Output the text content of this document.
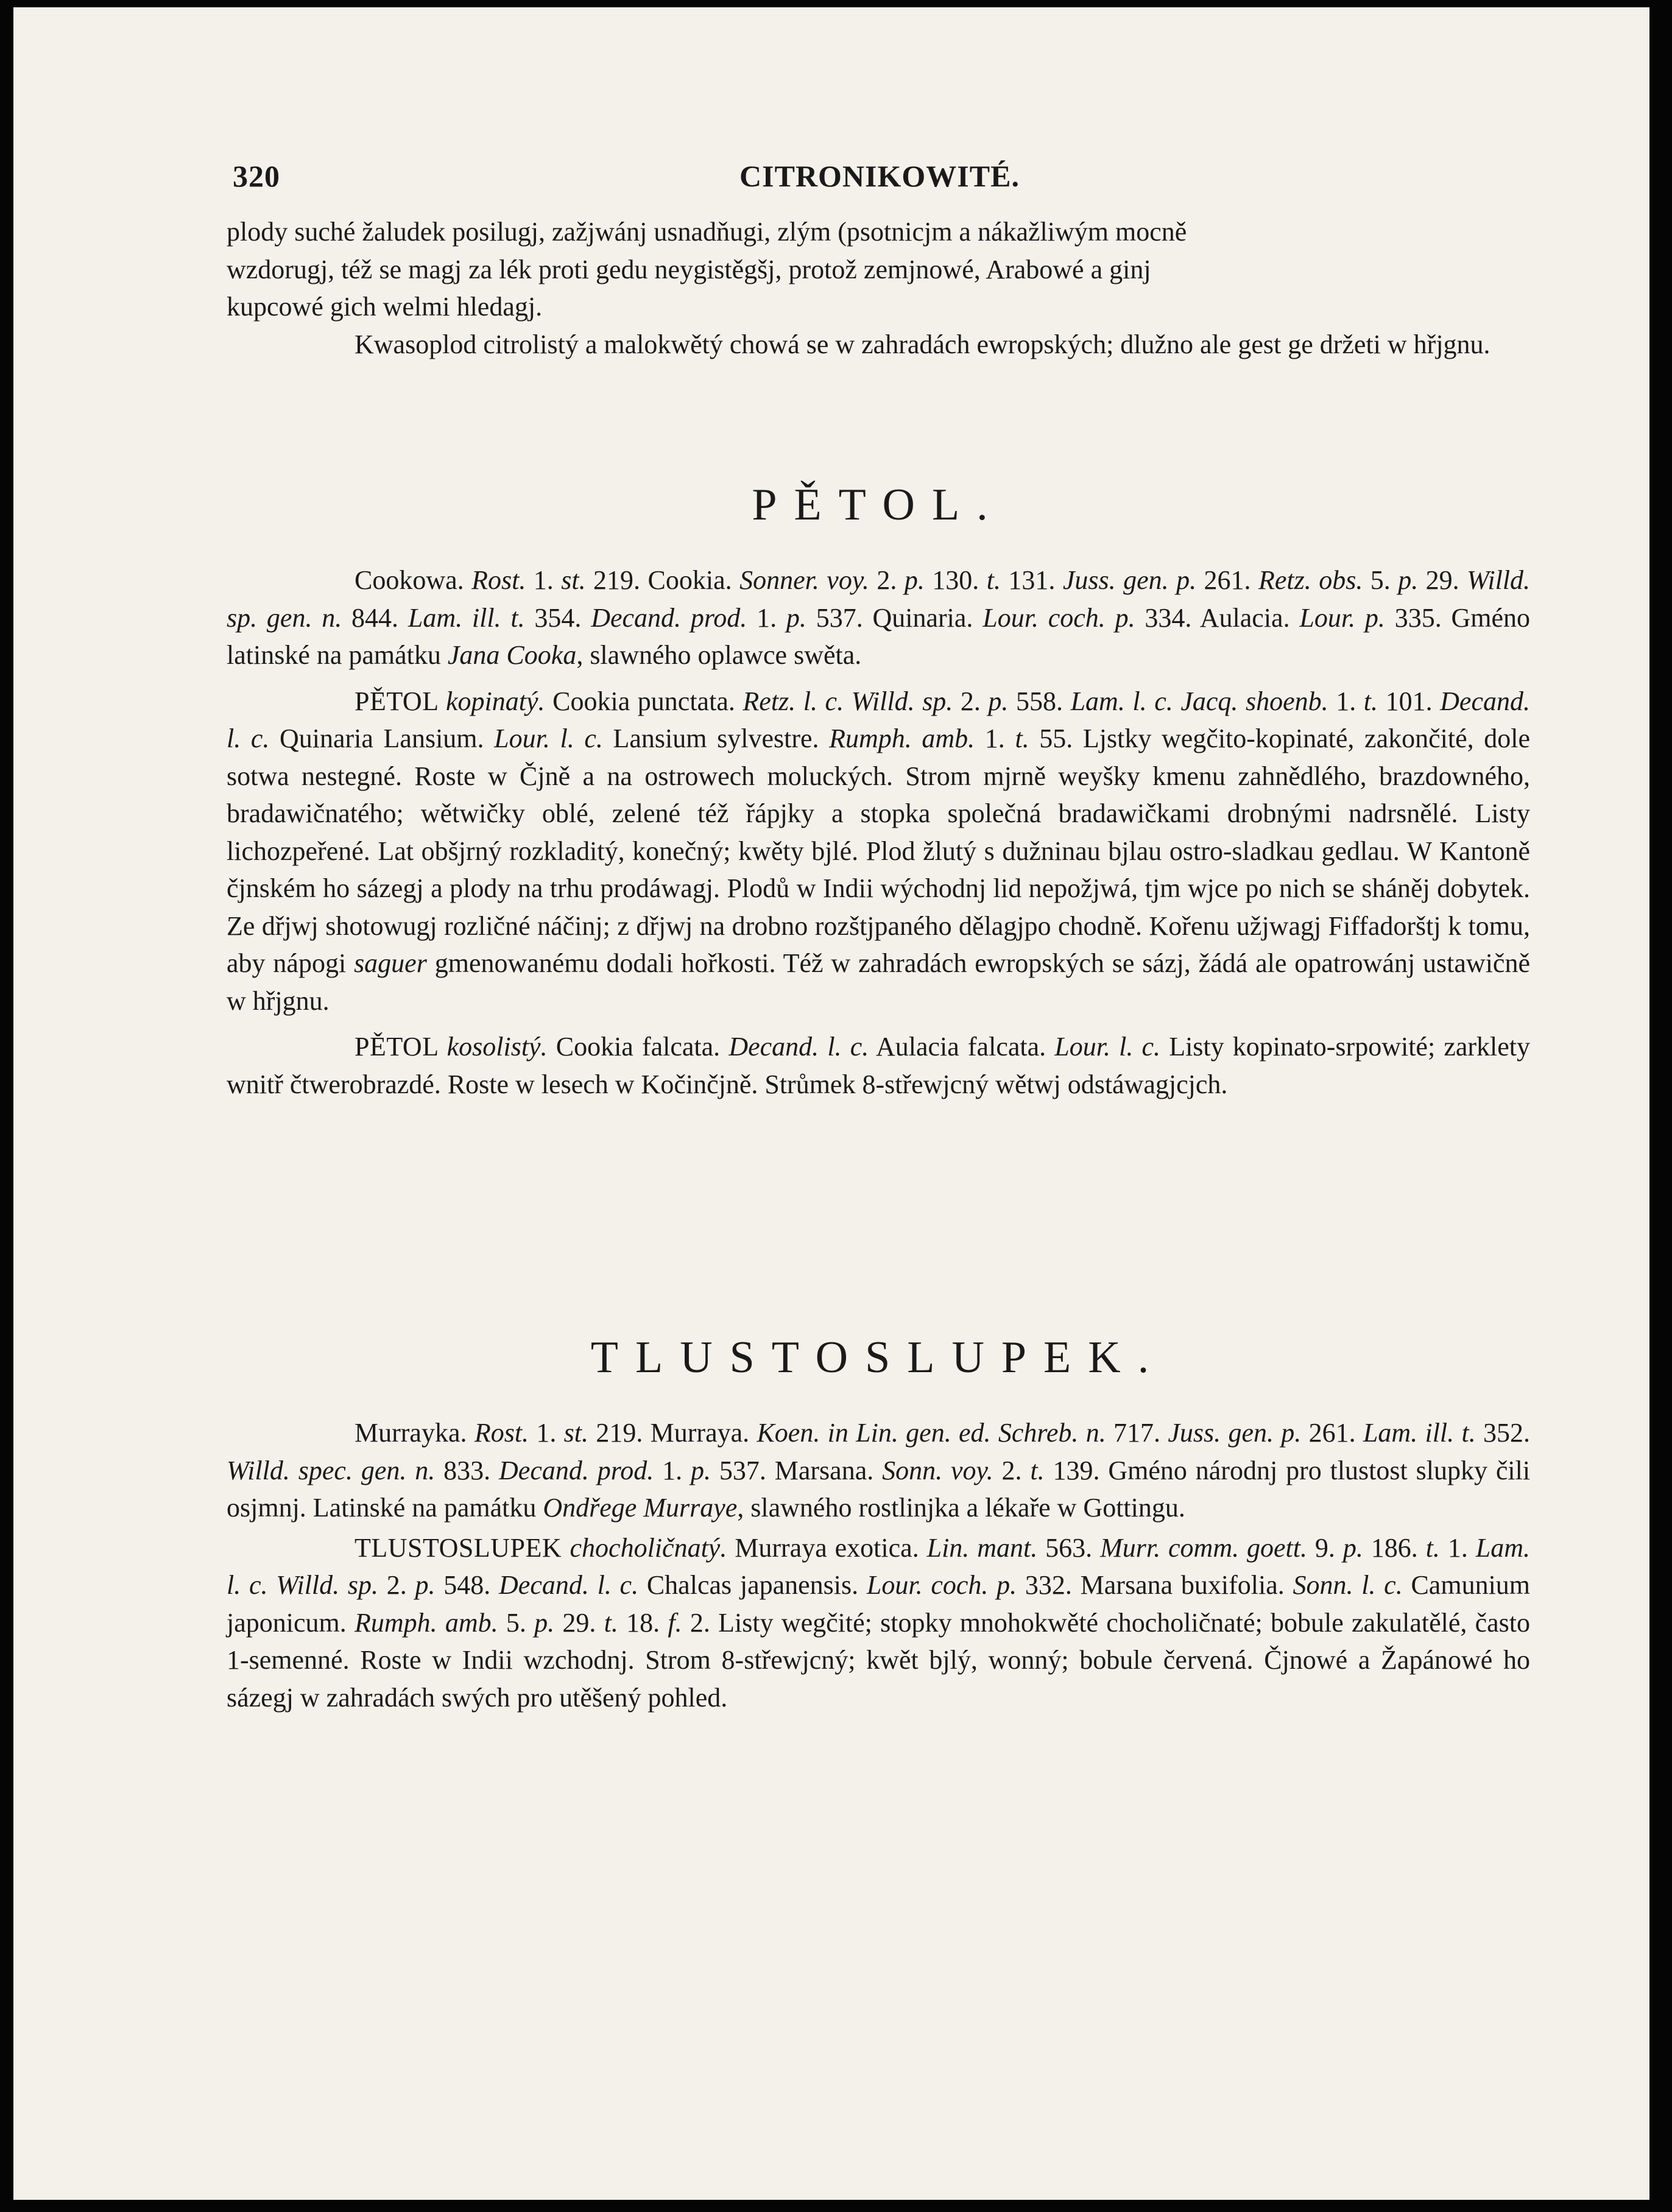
320	CITRONIKOWITÉ.
plody suché žaludek posilugj, zažjwánj usnadňugi, zlým (psotnicjm a nákažliwým mocně
wzdorugj, též se magj za lék proti gedu neygistěgšj, protož zemjnowé, Arabowé a ginj
kupcowé gich welmi hledagj.

Kwasoplod citrolistý a malokwětý chowá se w zahradách ewropských; dlužno ale gest ge držeti w hřjgnu.

PĚTOL.

Cookowa. Rost. 1. st. 219. Cookia. Sonner. voy. 2. p. 130. t. 131. Juss. gen. p. 261. Retz. obs. 5. p. 29. Willd. sp. gen. n. 844. Lam. ill. t. 354. Decand. prod. 1. p. 537. Quinaria. Lour. coch. p. 334. Aulacia. Lour. p. 335. Gméno latinské na památku Jana Cooka, slawného oplawce swěta.

PĚTOL kopinatý. Cookia punctata. Retz. l. c. Willd. sp. 2. p. 558. Lam. l. c. Jacq. shoenb. 1. t. 101. Decand. l. c. Quinaria Lansium. Lour. l. c. Lansium sylvestre. Rumph. amb. 1. t. 55. Ljstky wegčito-kopinaté, zakončité, dole sotwa nestegné. Roste w Čjně a na ostrowech moluckých. Strom mjrně weyšky kmenu zahnědlého, brazdowného, bradawičnatého; wětwičky oblé, zelené též řápjky a stopka společná bradawičkami drobnými nadrsnělé. Listy lichozpeřené. Lat obšjrný rozkladitý, konečný; kwěty bjlé. Plod žlutý s dužninau bjlau ostro-sladkau gedlau. W Kantoně čjnském ho sázegj a plody na trhu prodáwagj. Plodů w Indii wýchodnj lid nepožjwá, tjm wjce po nich se sháněj dobytek. Ze dřjwj shotowugj rozličné náčinj; z dřjwj na drobno rozštjpaného dělagjpo chodně. Kořenu užjwagj Fiffadorštj k tomu, aby nápogi saguer gmenowanému dodali hořkosti. Též w zahradách ewropských se sázj, žádá ale opatrowánj ustawičně w hřjgnu.

PĚTOL kosolistý. Cookia falcata. Decand. l. c. Aulacia falcata. Lour. l. c. Listy kopinato-srpowité; zarklety wnitř čtwerobrazdé. Roste w lesech w Kočinčjně. Strůmek 8-střewjcný wětwj odstáwagjcjch.

TLUSTOSLUPEK.

Murrayka. Rost. 1. st. 219. Murraya. Koen. in Lin. gen. ed. Schreb. n. 717. Juss. gen. p. 261. Lam. ill. t. 352. Willd. spec. gen. n. 833. Decand. prod. 1. p. 537. Marsana. Sonn. voy. 2. t. 139. Gméno národnj pro tlustost slupky čili osjmnj. Latinské na památku Ondřege Murraye, slawného rostlinjka a lékaře w Gottingu.

TLUSTOSLUPEK chocholičnatý. Murraya exotica. Lin. mant. 563. Murr. comm. goett. 9. p. 186. t. 1. Lam. l. c. Willd. sp. 2. p. 548. Decand. l. c. Chalcas japanensis. Lour. coch. p. 332. Marsana buxifolia. Sonn. l. c. Camunium japonicum. Rumph. amb. 5. p. 29. t. 18. f. 2. Listy wegčité; stopky mnohokwěté chocholičnaté; bobule zakulatělé, často 1-semenné. Roste w Indii wzchodnj. Strom 8-střewjcný; kwět bjlý, wonný; bobule červená. Čjnowé a Žapánowé ho sázegj w zahradách swých pro utěšený pohled.
